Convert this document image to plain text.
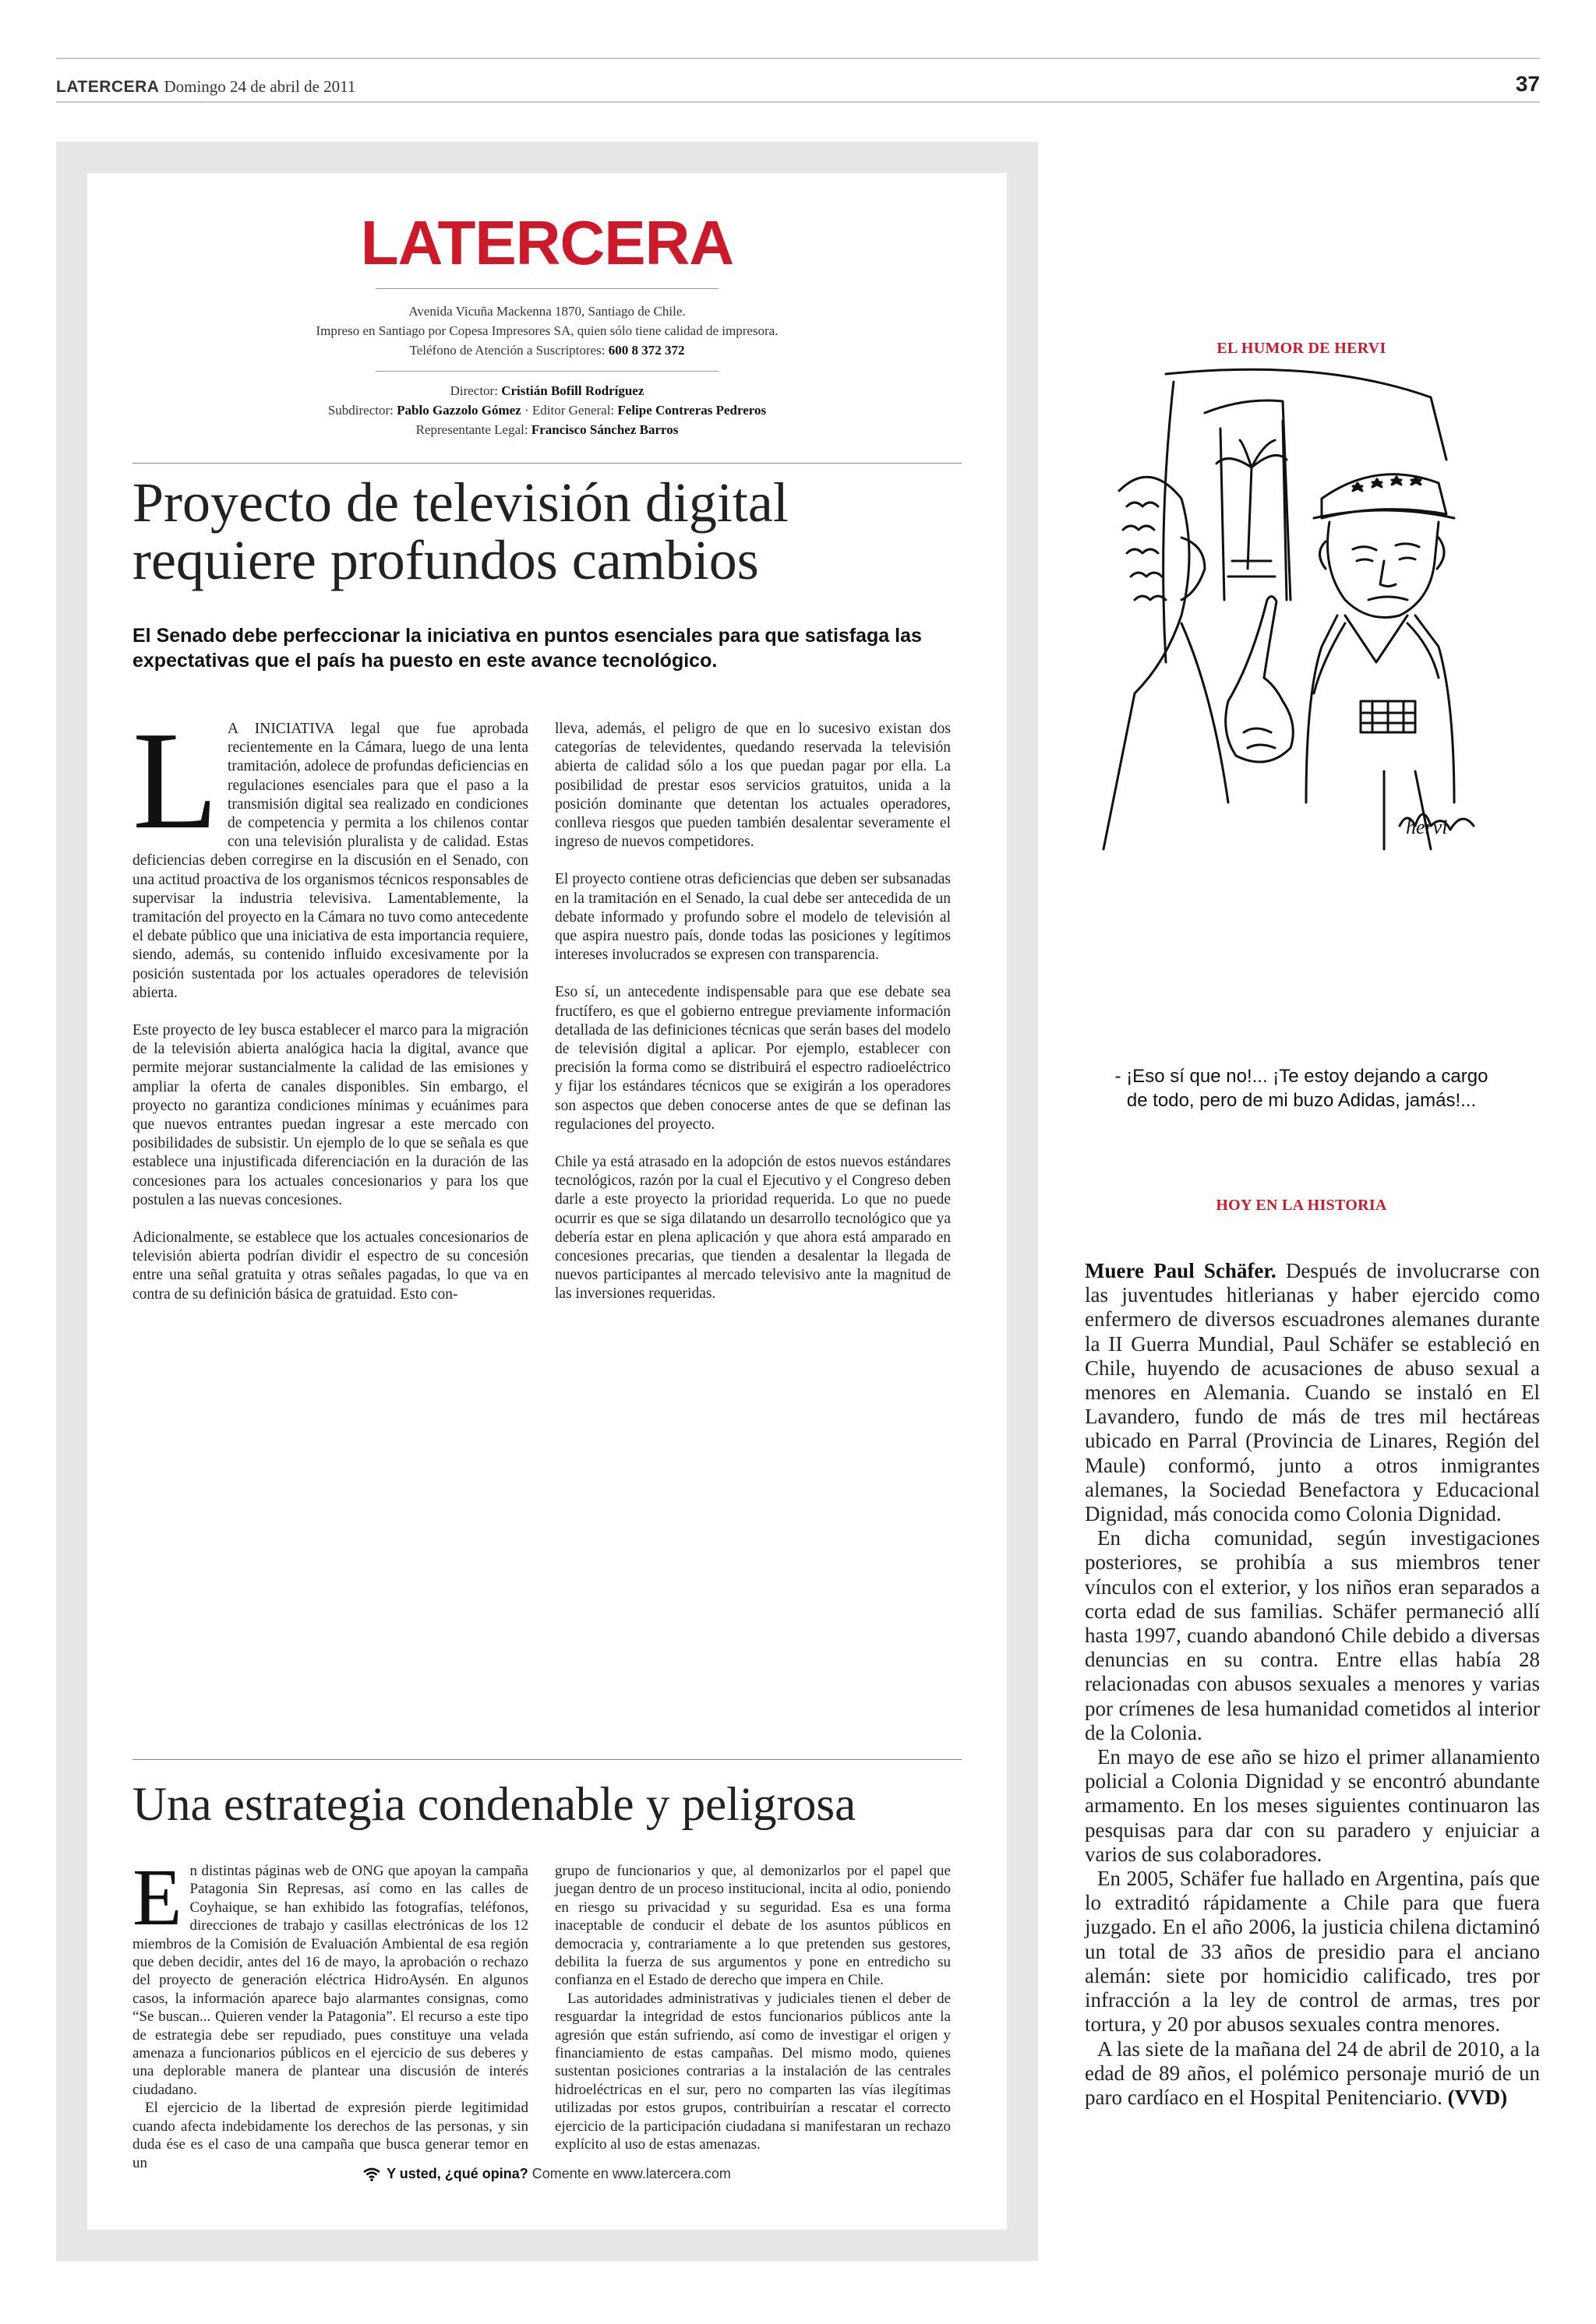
LATERCERA Domingo 24 de abril de 2011	37
LATERCERA
Avenida Vicuña Mackenna 1870, Santiago de Chile.
Impreso en Santiago por Copesa Impresores SA, quien sólo tiene calidad de impresora.
Teléfono de Atención a Suscriptores: 600 8 372 372
Director: Cristián Bofill Rodríguez
Subdirector: Pablo Gazzolo Gómez · Editor General: Felipe Contreras Pedreros
Representante Legal: Francisco Sánchez Barros
Proyecto de televisión digital requiere profundos cambios
El Senado debe perfeccionar la iniciativa en puntos esenciales para que satisfaga las expectativas que el país ha puesto en este avance tecnológico.

L A INICIATIVA legal que fue aprobada recientemente en la Cámara, luego de una lenta tramitación, adolece de profundas deficiencias en regulaciones esenciales para que el paso a la transmisión digital sea realizado en condiciones de competencia y permita a los chilenos contar con una televisión pluralista y de calidad. Estas deficiencias deben corregirse en la discusión en el Senado, con una actitud proactiva de los organismos técnicos responsables de supervisar la industria televisiva. Lamentablemente, la tramitación del proyecto en la Cámara no tuvo como antecedente el debate público que una iniciativa de esta importancia requiere, siendo, además, su contenido influido excesivamente por la posición sustentada por los actuales operadores de televisión abierta.

Este proyecto de ley busca establecer el marco para la migración de la televisión abierta analógica hacia la digital, avance que permite mejorar sustancialmente la calidad de las emisiones y ampliar la oferta de canales disponibles. Sin embargo, el proyecto no garantiza condiciones mínimas y ecuánimes para que nuevos entrantes puedan ingresar a este mercado con posibilidades de subsistir. Un ejemplo de lo que se señala es que establece una injustificada diferenciación en la duración de las concesiones para los actuales concesionarios y para los que postulen a las nuevas concesiones.

Adicionalmente, se establece que los actuales concesionarios de televisión abierta podrían dividir el espectro de su concesión entre una señal gratuita y otras señales pagadas, lo que va en contra de su definición básica de gratuidad. Esto con-

lleva, además, el peligro de que en lo sucesivo existan dos categorías de televidentes, quedando reservada la televisión abierta de calidad sólo a los que puedan pagar por ella. La posibilidad de prestar esos servicios gratuitos, unida a la posición dominante que detentan los actuales operadores, conlleva riesgos que pueden también desalentar severamente el ingreso de nuevos competidores.

El proyecto contiene otras deficiencias que deben ser subsanadas en la tramitación en el Senado, la cual debe ser antecedida de un debate informado y profundo sobre el modelo de televisión al que aspira nuestro país, donde todas las posiciones y legítimos intereses involucrados se expresen con transparencia.

Eso sí, un antecedente indispensable para que ese debate sea fructífero, es que el gobierno entregue previamente información detallada de las definiciones técnicas que serán bases del modelo de televisión digital a aplicar. Por ejemplo, establecer con precisión la forma como se distribuirá el espectro radioeléctrico y fijar los estándares técnicos que se exigirán a los operadores son aspectos que deben conocerse antes de que se definan las regulaciones del proyecto.

Chile ya está atrasado en la adopción de estos nuevos estándares tecnológicos, razón por la cual el Ejecutivo y el Congreso deben darle a este proyecto la prioridad requerida. Lo que no puede ocurrir es que se siga dilatando un desarrollo tecnológico que ya debería estar en plena aplicación y que ahora está amparado en concesiones precarias, que tienden a desalentar la llegada de nuevos participantes al mercado televisivo ante la magnitud de las inversiones requeridas.

Una estrategia condenable y peligrosa

En distintas páginas web de ONG que apoyan la campaña Patagonia Sin Represas, así como en las calles de Coyhaique, se han exhibido las fotografías, teléfonos, direcciones de trabajo y casillas electrónicas de los 12 miembros de la Comisión de Evaluación Ambiental de esa región que deben decidir, antes del 16 de mayo, la aprobación o rechazo del proyecto de generación eléctrica HidroAysén. En algunos casos, la información aparece bajo alarmantes consignas, como “Se buscan... Quieren vender la Patagonia”. El recurso a este tipo de estrategia debe ser repudiado, pues constituye una velada amenaza a funcionarios públicos en el ejercicio de sus deberes y una deplorable manera de plantear una discusión de interés ciudadano.

El ejercicio de la libertad de expresión pierde legitimidad cuando afecta indebidamente los derechos de las personas, y sin duda ése es el caso de una campaña que busca generar temor en un

grupo de funcionarios y que, al demonizarlos por el papel que juegan dentro de un proceso institucional, incita al odio, poniendo en riesgo su privacidad y su seguridad. Esa es una forma inaceptable de conducir el debate de los asuntos públicos en democracia y, contrariamente a lo que pretenden sus gestores, debilita la fuerza de sus argumentos y pone en entredicho su confianza en el Estado de derecho que impera en Chile.

Las autoridades administrativas y judiciales tienen el deber de resguardar la integridad de estos funcionarios públicos ante la agresión que están sufriendo, así como de investigar el origen y financiamiento de estas campañas. Del mismo modo, quienes sustentan posiciones contrarias a la instalación de las centrales hidroeléctricas en el sur, pero no comparten las vías ilegítimas utilizadas por estos grupos, contribuirían a rescatar el correcto ejercicio de la participación ciudadana si manifestaran un rechazo explícito al uso de estas amenazas.

Y usted, ¿qué opina? Comente en www.latercera.com
EL HUMOR DE HERVI
hervi
- ¡Eso sí que no!... ¡Te estoy dejando a cargo
de todo, pero de mi buzo Adidas, jamás!...
HOY EN LA HISTORIA

Muere Paul Schäfer. Después de involucrarse con las juventudes hitlerianas y haber ejercido como enfermero de diversos escuadrones alemanes durante la II Guerra Mundial, Paul Schäfer se estableció en Chile, huyendo de acusaciones de abuso sexual a menores en Alemania. Cuando se instaló en El Lavandero, fundo de más de tres mil hectáreas ubicado en Parral (Provincia de Linares, Región del Maule) conformó, junto a otros inmigrantes alemanes, la Sociedad Benefactora y Educacional Dignidad, más conocida como Colonia Dignidad.

En dicha comunidad, según investigaciones posteriores, se prohibía a sus miembros tener vínculos con el exterior, y los niños eran separados a corta edad de sus familias. Schäfer permaneció allí hasta 1997, cuando abandonó Chile debido a diversas denuncias en su contra. Entre ellas había 28 relacionadas con abusos sexuales a menores y varias por crímenes de lesa humanidad cometidos al interior de la Colonia.

En mayo de ese año se hizo el primer allanamiento policial a Colonia Dignidad y se encontró abundante armamento. En los meses siguientes continuaron las pesquisas para dar con su paradero y enjuiciar a varios de sus colaboradores.

En 2005, Schäfer fue hallado en Argentina, país que lo extraditó rápidamente a Chile para que fuera juzgado. En el año 2006, la justicia chilena dictaminó un total de 33 años de presidio para el anciano alemán: siete por homicidio calificado, tres por infracción a la ley de control de armas, tres por tortura, y 20 por abusos sexuales contra menores.

A las siete de la mañana del 24 de abril de 2010, a la edad de 89 años, el polémico personaje murió de un paro cardíaco en el Hospital Penitenciario. (VVD)
